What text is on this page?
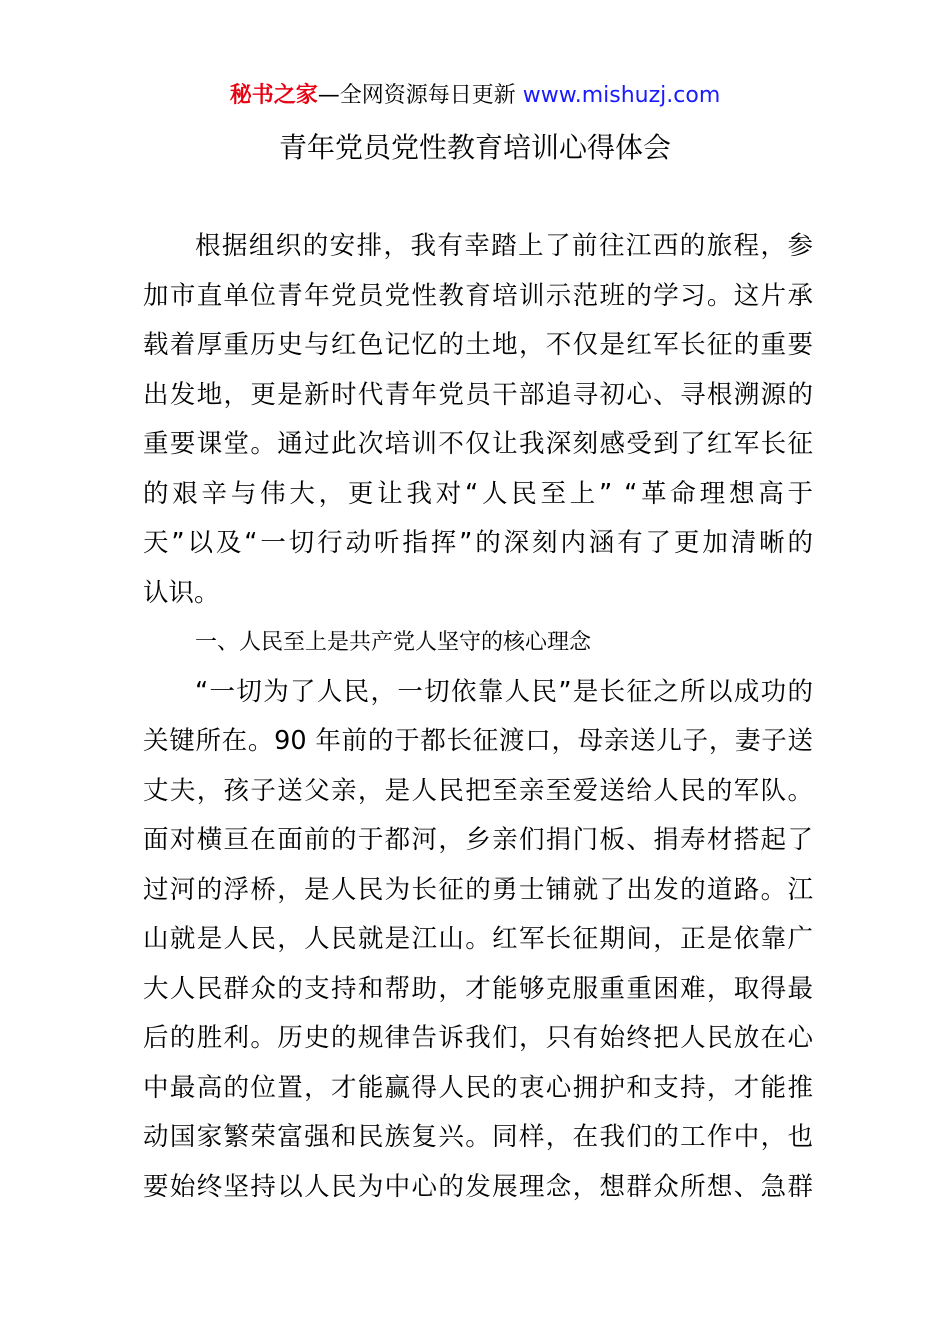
秘书之家—全网资源每日更新 www.mishuzj.com
青年党员党性教育培训心得体会
根据组织的安排，我有幸踏上了前往江西的旅程，参
加市直单位青年党员党性教育培训示范班的学习。这片承
载着厚重历史与红色记忆的土地，不仅是红军长征的重要
出发地，更是新时代青年党员干部追寻初心、寻根溯源的
重要课堂。通过此次培训不仅让我深刻感受到了红军长征
的艰辛与伟大，更让我对“人民至上” “革命理想高于
天”以及“一切行动听指挥”的深刻内涵有了更加清晰的
认识。
一、人民至上是共产党人坚守的核心理念
“一切为了人民，一切依靠人民”是长征之所以成功的
关键所在。90 年前的于都长征渡口，母亲送儿子，妻子送
丈夫，孩子送父亲，是人民把至亲至爱送给人民的军队。
面对横亘在面前的于都河，乡亲们捐门板、捐寿材搭起了
过河的浮桥，是人民为长征的勇士铺就了出发的道路。江
山就是人民，人民就是江山。红军长征期间，正是依靠广
大人民群众的支持和帮助，才能够克服重重困难，取得最
后的胜利。历史的规律告诉我们，只有始终把人民放在心
中最高的位置，才能赢得人民的衷心拥护和支持，才能推
动国家繁荣富强和民族复兴。同样，在我们的工作中，也
要始终坚持以人民为中心的发展理念，想群众所想、急群
